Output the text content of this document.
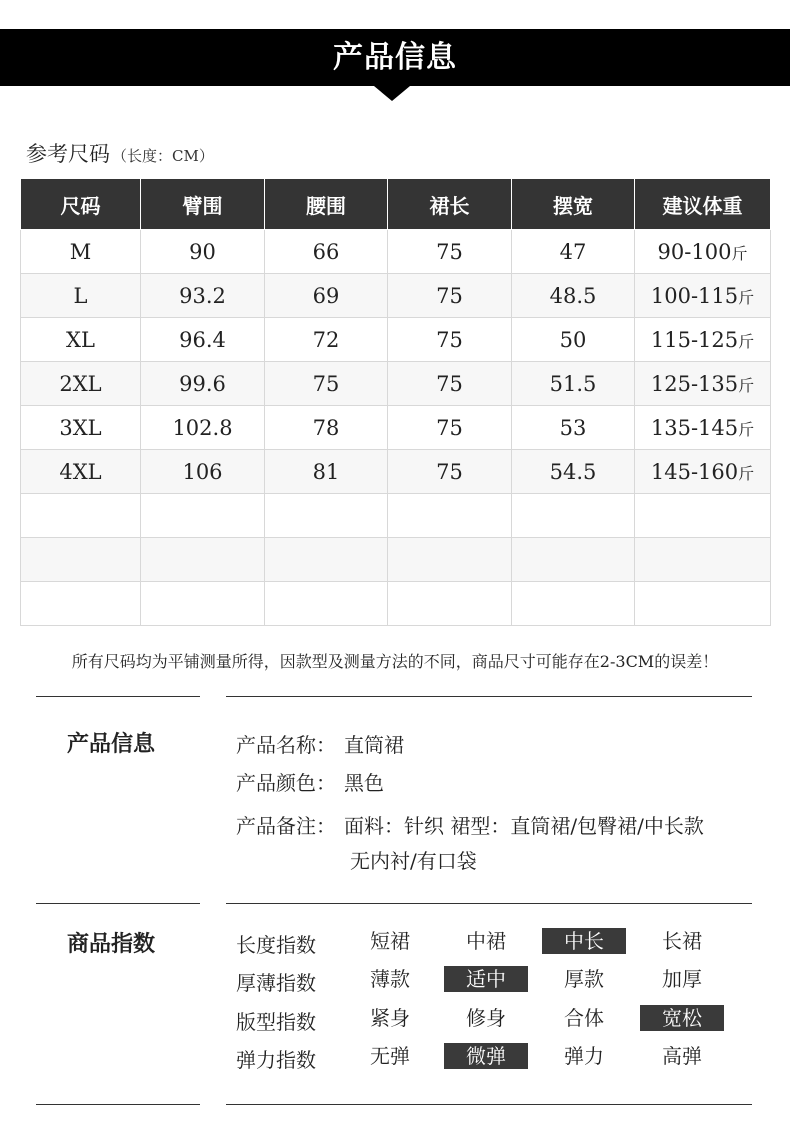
产品信息
参考尺码 （长度：CM）
尺码	臂围	腰围	裙长	摆宽	建议体重
M	90	66	75	47	90-100斤
L	93.2	69	75	48.5	100-115斤
XL	96.4	72	75	50	115-125斤
2XL	99.6	75	75	51.5	125-135斤
3XL	102.8	78	75	53	135-145斤
4XL	106	81	75	54.5	145-160斤

所有尺码均为平铺测量所得，因款型及测量方法的不同，商品尺寸可能存在2-3CM的误差！
产品信息	产品名称： 直筒裙
产品颜色： 黑色
产品备注： 面料：针织 裙型：直筒裙/包臀裙/中长款
无内衬/有口袋
商品指数	长度指数	短裙	中裙	中长	长裙
厚薄指数	薄款	适中	厚款	加厚
版型指数	紧身	修身	合体	宽松
弹力指数	无弹	微弹	弹力	高弹
